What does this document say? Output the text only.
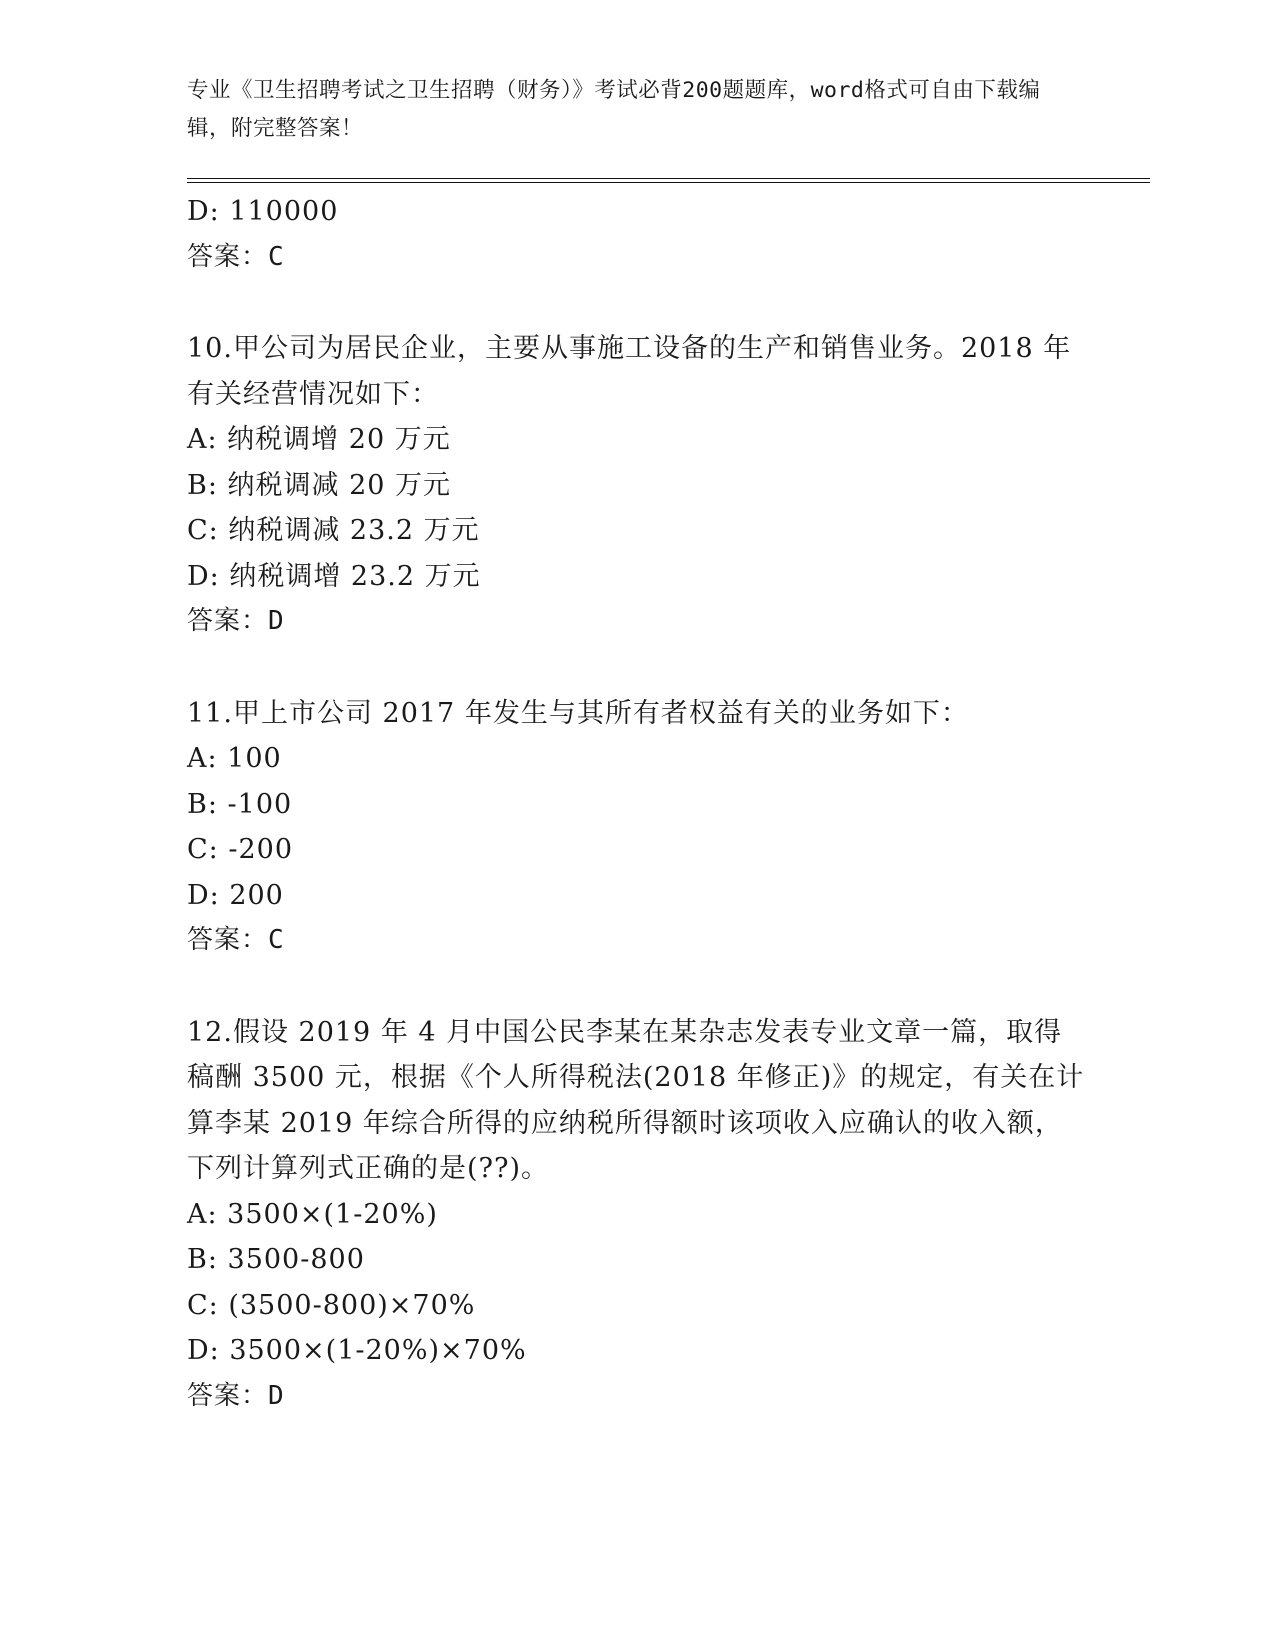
专业《卫生招聘考试之卫生招聘（财务）》考试必背200题题库，word格式可自由下载编辑，附完整答案！
D: 110000
答案：C
10.甲公司为居民企业，主要从事施工设备的生产和销售业务。2018 年
有关经营情况如下：
A: 纳税调增 20 万元
B: 纳税调减 20 万元
C: 纳税调减 23.2 万元
D: 纳税调增 23.2 万元
答案：D
11.甲上市公司 2017 年发生与其所有者权益有关的业务如下：
A: 100
B: -100
C: -200
D: 200
答案：C
12.假设 2019 年 4 月中国公民李某在某杂志发表专业文章一篇，取得
稿酬 3500 元，根据《个人所得税法(2018 年修正)》的规定，有关在计
算李某 2019 年综合所得的应纳税所得额时该项收入应确认的收入额，
下列计算列式正确的是(??)。
A: 3500×(1-20%)
B: 3500-800
C: (3500-800)×70%
D: 3500×(1-20%)×70%
答案：D
